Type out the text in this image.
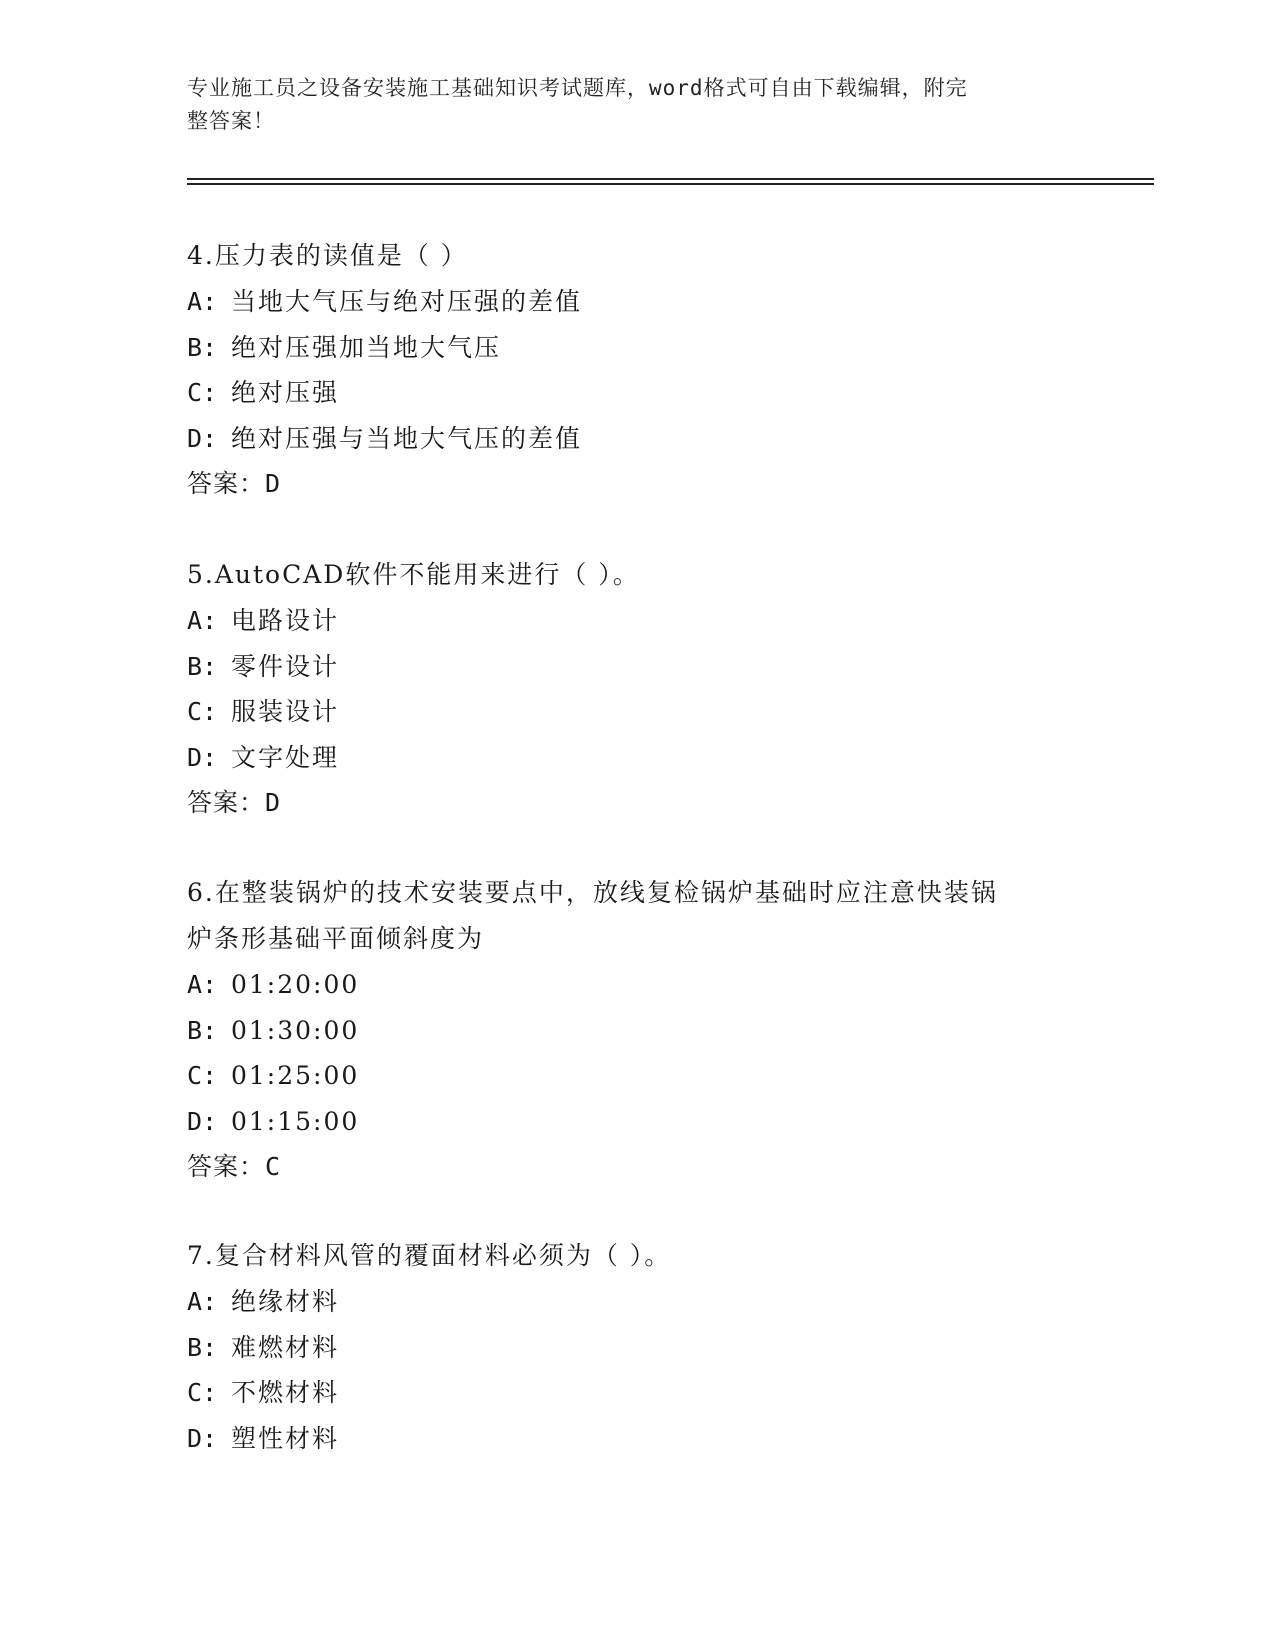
专业施工员之设备安装施工基础知识考试题库，word格式可自由下载编辑，附完
整答案！
4.压力表的读值是（ ）
A: 当地大气压与绝对压强的差值
B: 绝对压强加当地大气压
C: 绝对压强
D: 绝对压强与当地大气压的差值
答案：D
5.AutoCAD软件不能用来进行（ ）。
A: 电路设计
B: 零件设计
C: 服装设计
D: 文字处理
答案：D
6.在整装锅炉的技术安装要点中，放线复检锅炉基础时应注意快装锅
炉条形基础平面倾斜度为
A: 01:20:00
B: 01:30:00
C: 01:25:00
D: 01:15:00
答案：C
7.复合材料风管的覆面材料必须为（ ）。
A: 绝缘材料
B: 难燃材料
C: 不燃材料
D: 塑性材料
